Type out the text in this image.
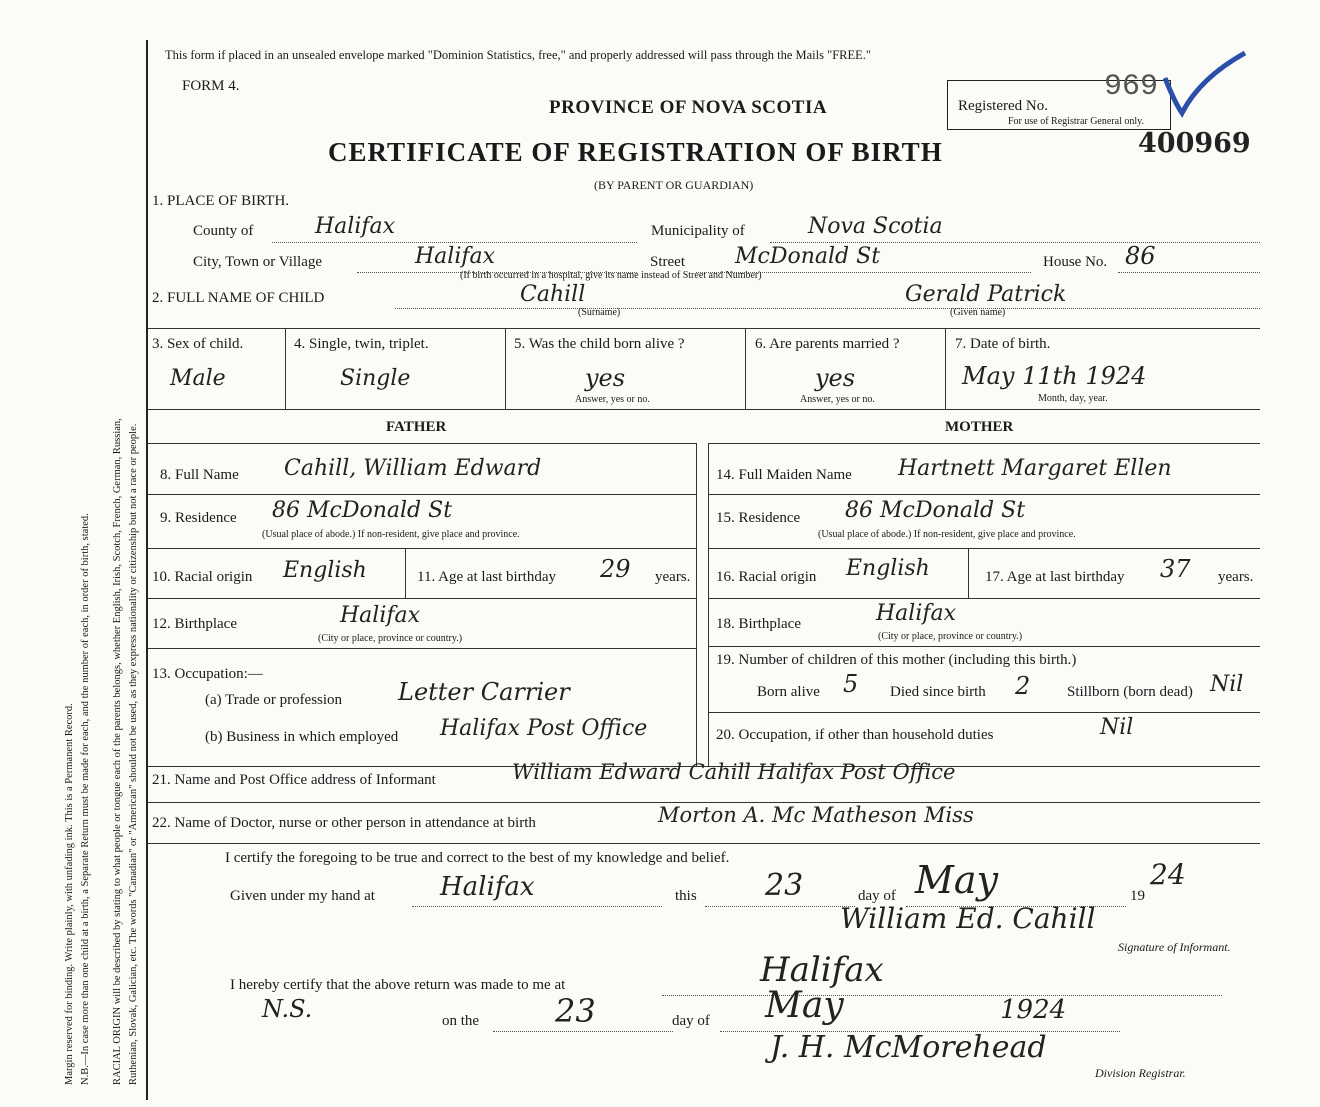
Margin reserved for binding. Write plainly, with unfading ink. This is a Permanent Record. N.B.—In case more than one child at a birth, a Separate Return must be made for each, and the number of each, in order of birth, stated. RACIAL ORIGIN will be described by stating to what people or tongue each of the parents belongs, whether English, Irish, Scotch, French, German, Russian, Ruthenian, Slovak, Galician, etc. The words "Canadian" or "American" should not be used, as they express nationality or citizenship but not a race or people.
This form if placed in an unsealed envelope marked "Dominion Statistics, free," and properly addressed will pass through the Mails "FREE."
FORM 4.
PROVINCE OF NOVA SCOTIA
CERTIFICATE OF REGISTRATION OF BIRTH
(BY PARENT OR GUARDIAN)
Registered No.
969
For use of Registrar General only.
400969
1. PLACE OF BIRTH.
County of	Halifax	Municipality of	Nova Scotia
City, Town or Village	Halifax	Street McDonald St	House No. 86
(If birth occurred in a hospital, give its name instead of Street and Number)
2. FULL NAME OF CHILD	Cahill
(Surname)
Gerald Patrick
(Given name)
3. Sex of child.
Male
4. Single, twin, triplet.
Single
5. Was the child born alive ?
yes
Answer, yes or no.
6. Are parents married ?
yes
Answer, yes or no.
7. Date of birth.
May 11th 1924
Month, day, year.
FATHER	MOTHER
8. Full Name Cahill, William Edward
9. Residence 86 McDonald St
(Usual place of abode.) If non-resident, give place and province.
10. Racial origin English	11. Age at last birthday 29 years.
12. Birthplace	Halifax
(City or place, province or country.)
13. Occupation:—
(a) Trade or profession Letter Carrier
(b) Business in which employed Halifax Post Office
14. Full Maiden Name Hartnett Margaret Ellen
15. Residence 86 McDonald St
(Usual place of abode.) If non-resident, give place and province.
16. Racial origin English	17. Age at last birthday 37 years.
18. Birthplace	Halifax
(City or place, province or country.)
19. Number of children of this mother (including this birth.)
Born alive 5 Died since birth 2 Stillborn (born dead) Nil
20. Occupation, if other than household duties	Nil
21. Name and Post Office address of Informant	William Edward Cahill Halifax Post Office
22. Name of Doctor, nurse or other person in attendance at birth	Morton A. Mc Matheson Miss
I certify the foregoing to be true and correct to the best of my knowledge and belief.
Given under my hand at	Halifax	this 23	day of May	19
24
William Ed. Cahill
Signature of Informant.
I hereby certify that the above return was made to me at	Halifax
N.S.	on the 23	day of May	1924
J. H. McMorehead
Division Registrar.
